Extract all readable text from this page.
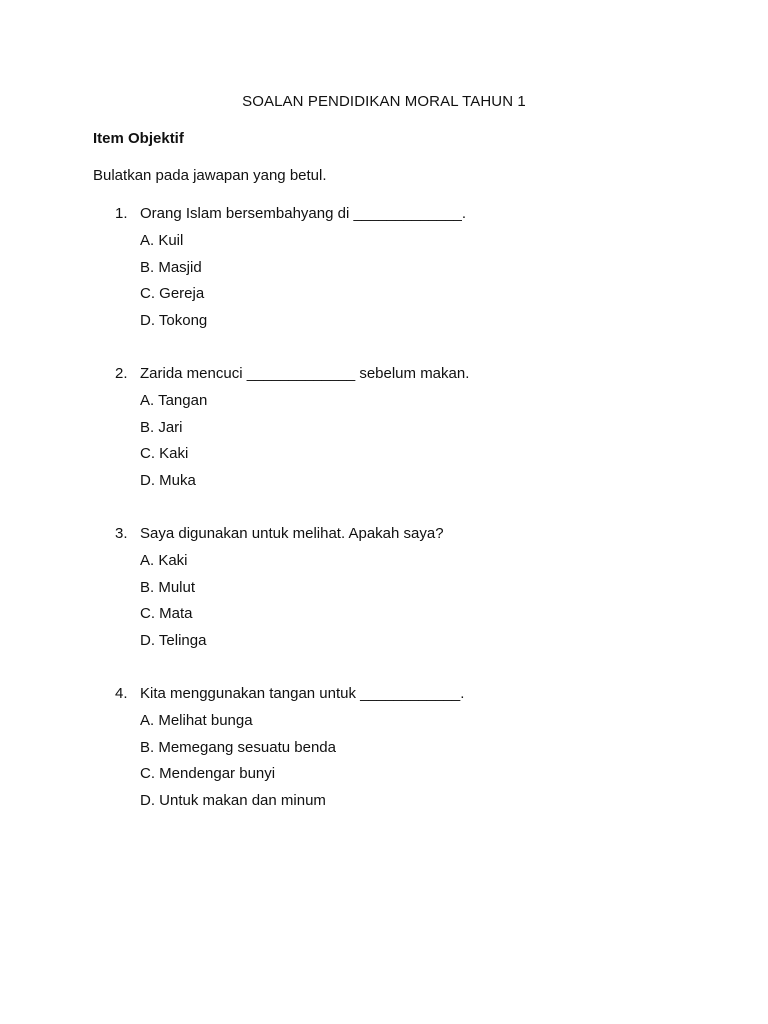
SOALAN PENDIDIKAN MORAL TAHUN 1
Item Objektif
Bulatkan pada jawapan yang betul.
1. Orang Islam bersembahyang di _____________.
A. Kuil
B. Masjid
C. Gereja
D. Tokong
2. Zarida mencuci _____________ sebelum makan.
A. Tangan
B. Jari
C. Kaki
D. Muka
3. Saya digunakan untuk melihat. Apakah saya?
A. Kaki
B. Mulut
C. Mata
D. Telinga
4. Kita menggunakan tangan untuk ____________.
A. Melihat bunga
B. Memegang sesuatu benda
C. Mendengar bunyi
D. Untuk makan dan minum
